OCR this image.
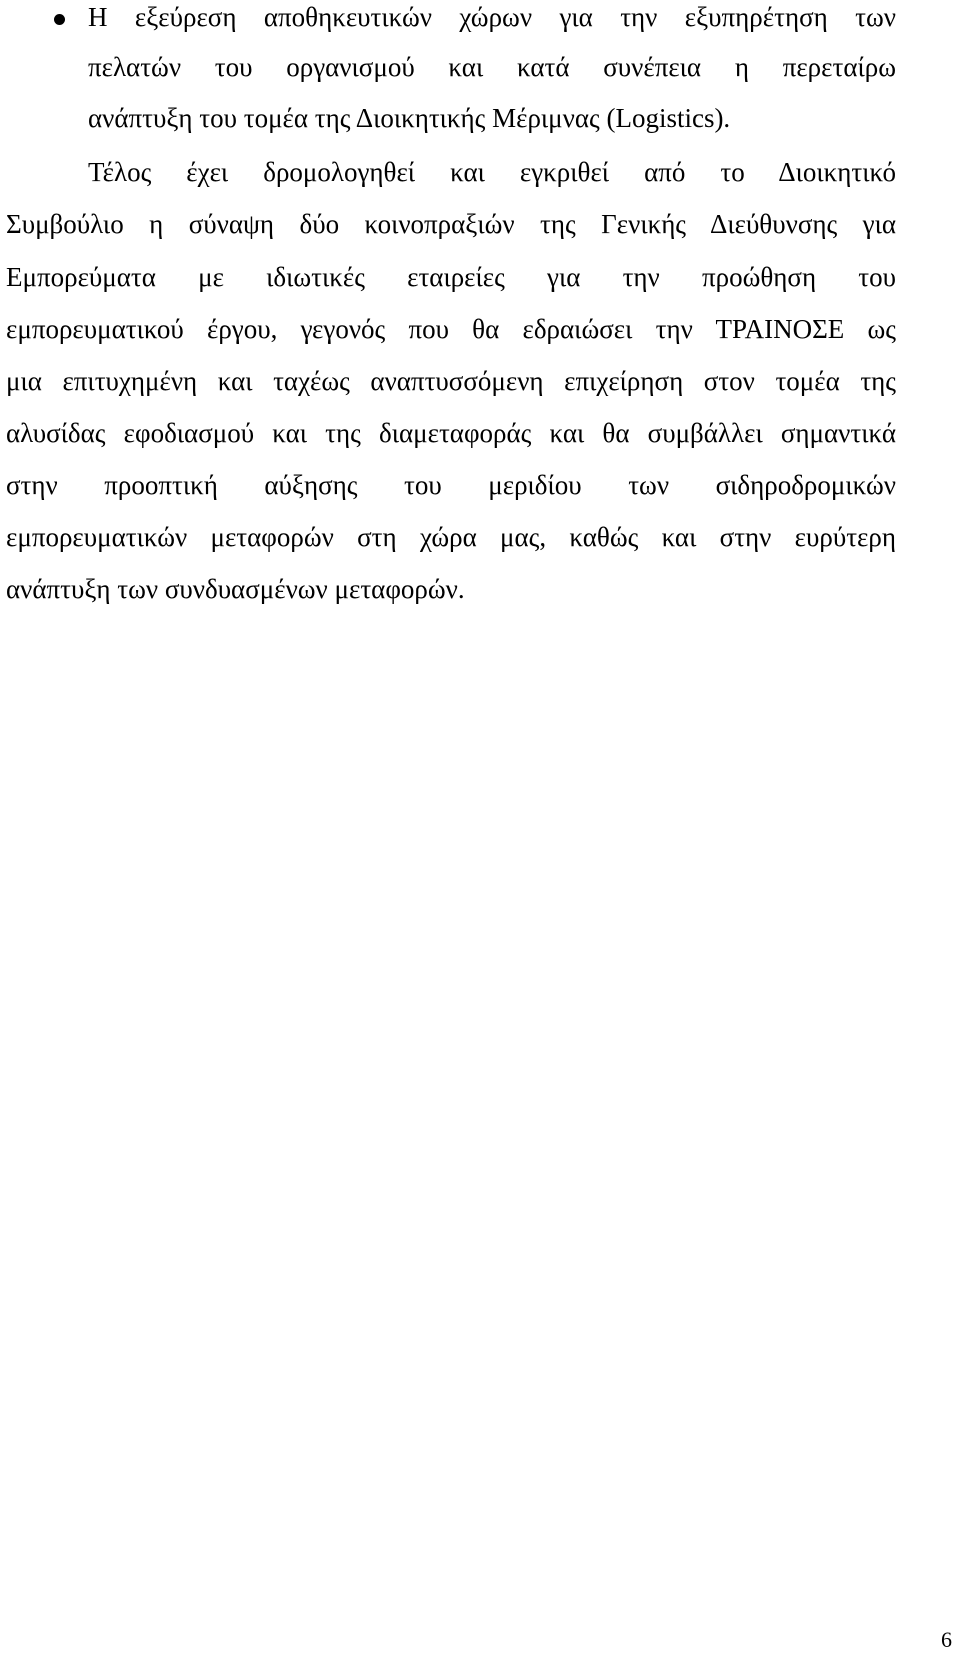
Η εξεύρεση αποθηκευτικών χώρων για την εξυπηρέτηση των
πελατών του οργανισμού και κατά συνέπεια η περεταίρω
ανάπτυξη του τομέα της Διοικητικής Μέριμνας (Logistics).
Τέλος έχει δρομολογηθεί και εγκριθεί από το Διοικητικό
Συμβούλιο η σύναψη δύο κοινοπραξιών της Γενικής Διεύθυνσης για
Εμπορεύματα με ιδιωτικές εταιρείες για την προώθηση του
εμπορευματικού έργου, γεγονός που θα εδραιώσει την ΤΡΑΙΝΟΣΕ ως
μια επιτυχημένη και ταχέως αναπτυσσόμενη επιχείρηση στον τομέα της
αλυσίδας εφοδιασμού και της διαμεταφοράς και θα συμβάλλει σημαντικά
στην προοπτική αύξησης του μεριδίου των σιδηροδρομικών
εμπορευματικών μεταφορών στη χώρα μας, καθώς και στην ευρύτερη
ανάπτυξη των συνδυασμένων μεταφορών.
6
